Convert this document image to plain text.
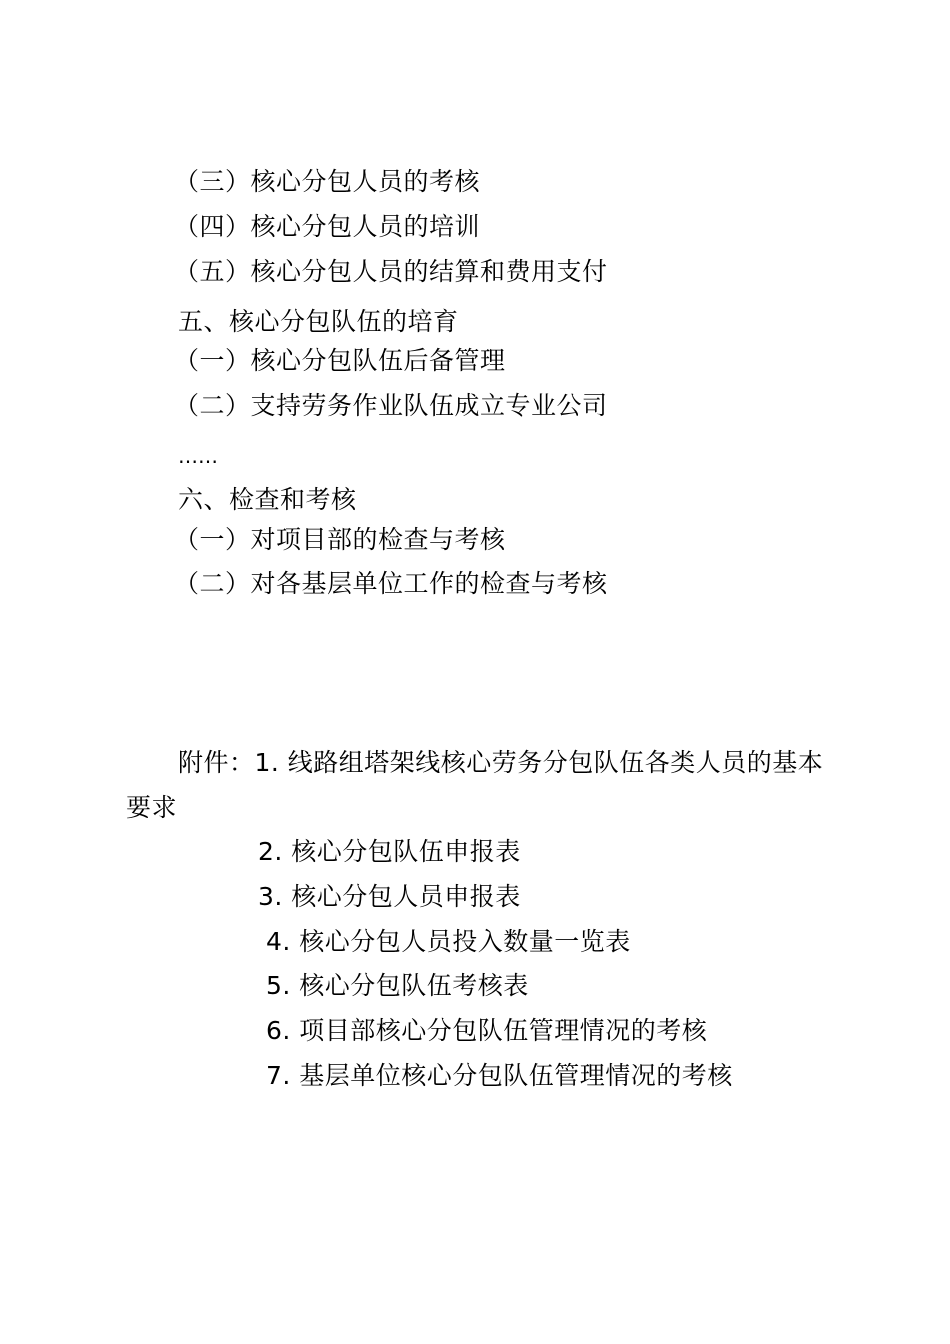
（三）核心分包人员的考核
（四）核心分包人员的培训
（五）核心分包人员的结算和费用支付
五、核心分包队伍的培育
（一）核心分包队伍后备管理
（二）支持劳务作业队伍成立专业公司
……
六、检查和考核
（一）对项目部的检查与考核
（二）对各基层单位工作的检查与考核
附件：1. 线路组塔架线核心劳务分包队伍各类人员的基本
要求
2. 核心分包队伍申报表
3. 核心分包人员申报表
4. 核心分包人员投入数量一览表
5. 核心分包队伍考核表
6. 项目部核心分包队伍管理情况的考核
7. 基层单位核心分包队伍管理情况的考核
